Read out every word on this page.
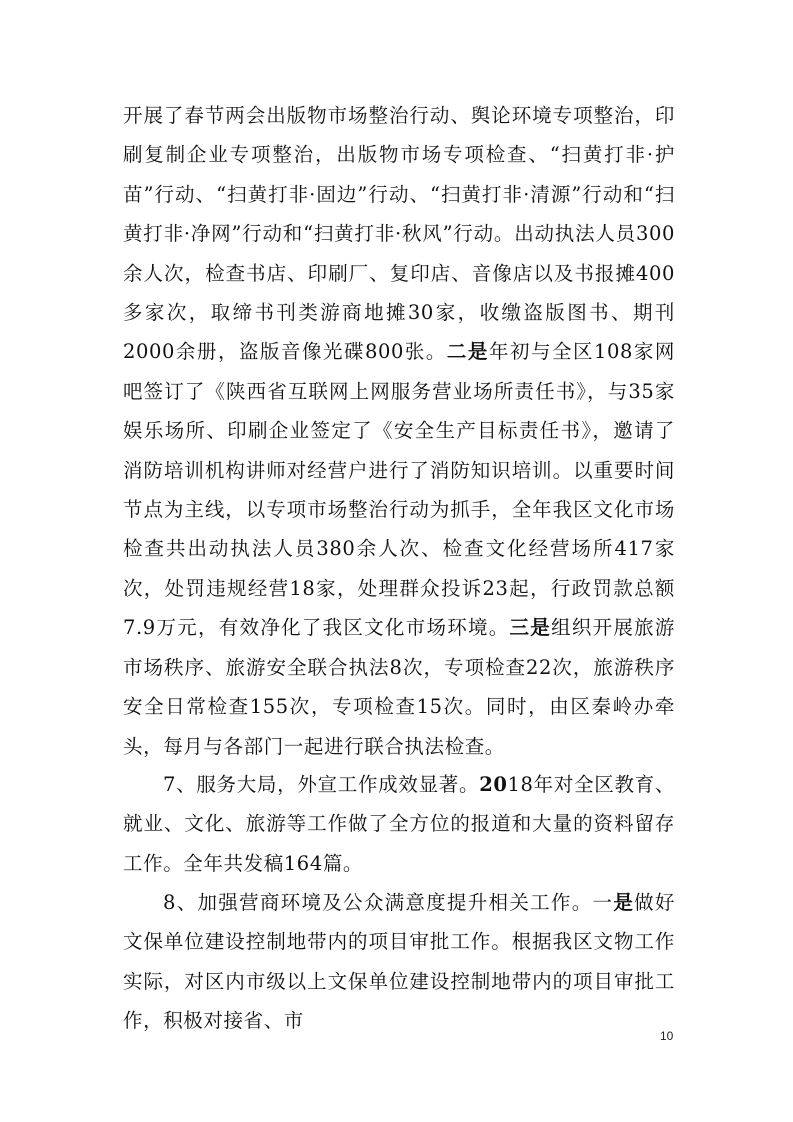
开展了春节两会出版物市场整治行动、舆论环境专项整治，印刷复制企业专项整治，出版物市场专项检查、“扫黄打非·护苗”行动、“扫黄打非·固边”行动、“扫黄打非·清源”行动和“扫黄打非·净网”行动和“扫黄打非·秋风”行动。出动执法人员300余人次，检查书店、印刷厂、复印店、音像店以及书报摊400多家次，取缔书刊类游商地摊30家，收缴盗版图书、期刊2000余册，盗版音像光碟800张。二是年初与全区108家网吧签订了《陕西省互联网上网服务营业场所责任书》，与35家娱乐场所、印刷企业签定了《安全生产目标责任书》，邀请了消防培训机构讲师对经营户进行了消防知识培训。以重要时间节点为主线，以专项市场整治行动为抓手，全年我区文化市场检查共出动执法人员380余人次、检查文化经营场所417家次，处罚违规经营18家，处理群众投诉23起，行政罚款总额7.9万元，有效净化了我区文化市场环境。三是组织开展旅游市场秩序、旅游安全联合执法8次，专项检查22次，旅游秩序安全日常检查155次，专项检查15次。同时，由区秦岭办牵头，每月与各部门一起进行联合执法检查。

7、服务大局，外宣工作成效显著。2018年对全区教育、就业、文化、旅游等工作做了全方位的报道和大量的资料留存工作。全年共发稿164篇。

8、加强营商环境及公众满意度提升相关工作。一是做好文保单位建设控制地带内的项目审批工作。根据我区文物工作实际，对区内市级以上文保单位建设控制地带内的项目审批工作，积极对接省、市

10
